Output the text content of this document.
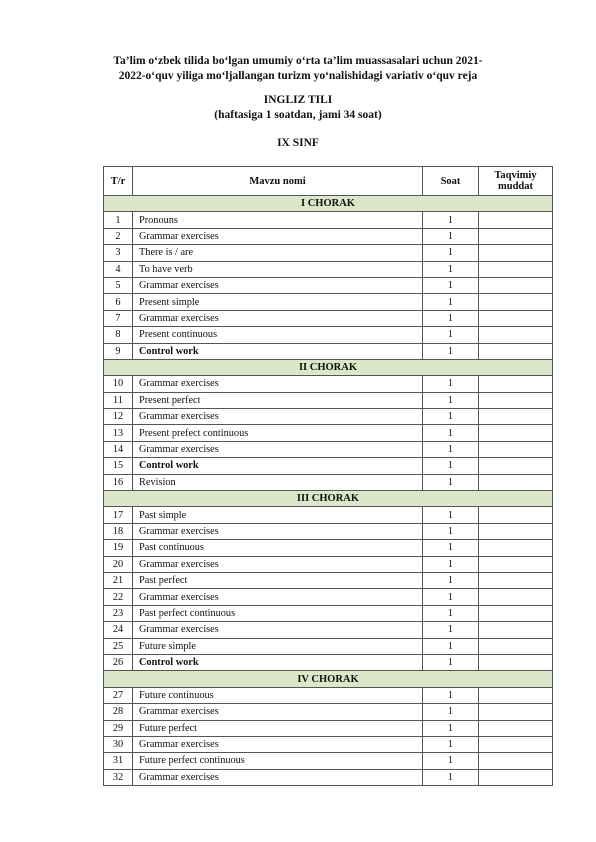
Ta’lim o‘zbek tilida bo‘lgan umumiy o‘rta ta’lim muassasalari uchun 2021-
2022-o‘quv yiliga mo‘ljallangan turizm yo‘nalishidagi variativ o‘quv reja
INGLIZ TILI
(haftasiga 1 soatdan, jami 34 soat)
IX SINF
T/r	Mavzu nomi	Soat	Taqvimiy muddat
I CHORAK			
1	Pronouns	1	
2	Grammar exercises	1	
3	There is / are	1	
4	To have verb	1	
5	Grammar exercises	1	
6	Present simple	1	
7	Grammar exercises	1	
8	Present continuous	1	
9	Control work	1	
II CHORAK			
10	Grammar exercises	1	
11	Present perfect	1	
12	Grammar exercises	1	
13	Present prefect continuous	1	
14	Grammar exercises	1	
15	Control work	1	
16	Revision	1	
III CHORAK			
17	Past simple	1	
18	Grammar exercises	1	
19	Past continuous	1	
20	Grammar exercises	1	
21	Past perfect	1	
22	Grammar exercises	1	
23	Past perfect continuous	1	
24	Grammar exercises	1	
25	Future simple	1	
26	Control work	1	
IV CHORAK			
27	Future continuous	1	
28	Grammar exercises	1	
29	Future perfect	1	
30	Grammar exercises	1	
31	Future perfect continuous	1	
32	Grammar exercises	1	
